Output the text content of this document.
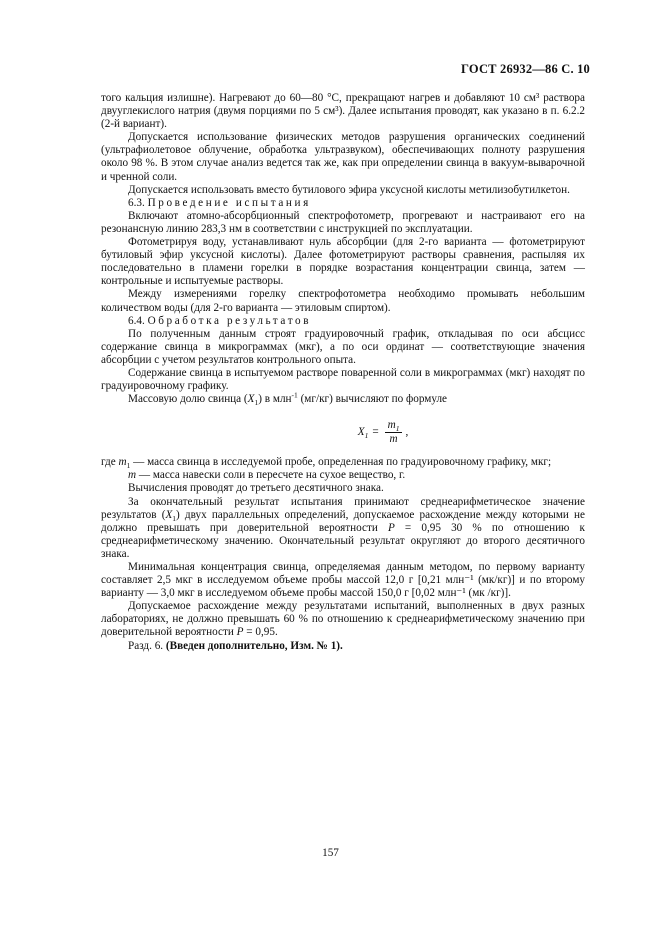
ГОСТ 26932—86 С. 10

того кальция излишне). Нагревают до 60—80 °С, прекращают нагрев и добавляют 10 см³ раствора двууглекислого натрия (двумя порциями по 5 см³). Далее испытания проводят, как указано в п. 6.2.2 (2-й вариант).

Допускается использование физических методов разрушения органических соединений (ультрафиолетовое облучение, обработка ультразвуком), обеспечивающих полноту разрушения около 98 %. В этом случае анализ ведется так же, как при определении свинца в вакуум-выварочной и чренной соли.

Допускается использовать вместо бутилового эфира уксусной кислоты метилизобутилкетон.

6.3. Проведение испытания

Включают атомно-абсорбционный спектрофотометр, прогревают и настраивают его на резонансную линию 283,3 нм в соответствии с инструкцией по эксплуатации.

Фотометрируя воду, устанавливают нуль абсорбции (для 2-го варианта — фотометрируют бутиловый эфир уксусной кислоты). Далее фотометрируют растворы сравнения, распыляя их последовательно в пламени горелки в порядке возрастания концентрации свинца, затем — контрольные и испытуемые растворы.

Между измерениями горелку спектрофотометра необходимо промывать небольшим количеством воды (для 2-го варианта — этиловым спиртом).

6.4. Обработка результатов

По полученным данным строят градуировочный график, откладывая по оси абсцисс содержание свинца в микрограммах (мкг), а по оси ординат — соответствующие значения абсорбции с учетом результатов контрольного опыта.

Содержание свинца в испытуемом растворе поваренной соли в микрограммах (мкг) находят по градуировочному графику.

Массовую долю свинца $(X_1)$ в млн$^{-1}$ (мг/кг) вычисляют по формуле

$X_1 = \frac{m_1}{m}$ ,

где $m_1$ — масса свинца в исследуемой пробе, определенная по градуировочному графику, мкг;

m — масса навески соли в пересчете на сухое вещество, г.

Вычисления проводят до третьего десятичного знака.

За окончательный результат испытания принимают среднеарифметическое значение результатов $(X_1)$ двух параллельных определений, допускаемое расхождение между которыми не должно превышать при доверительной вероятности P = 0,95 30 % по отношению к среднеарифметическому значению. Окончательный результат округляют до второго десятичного знака.

Минимальная концентрация свинца, определяемая данным методом, по первому варианту составляет 2,5 мкг в исследуемом объеме пробы массой 12,0 г [0,21 млн⁻¹ (мк/кг)] и по второму варианту — 3,0 мкг в исследуемом объеме пробы массой 150,0 г [0,02 млн⁻¹ (мк /кг)].

Допускаемое расхождение между результатами испытаний, выполненных в двух разных лабораториях, не должно превышать 60 % по отношению к среднеарифметическому значению при доверительной вероятности P = 0,95.

Разд. 6. (Введен дополнительно, Изм. № 1).

157
